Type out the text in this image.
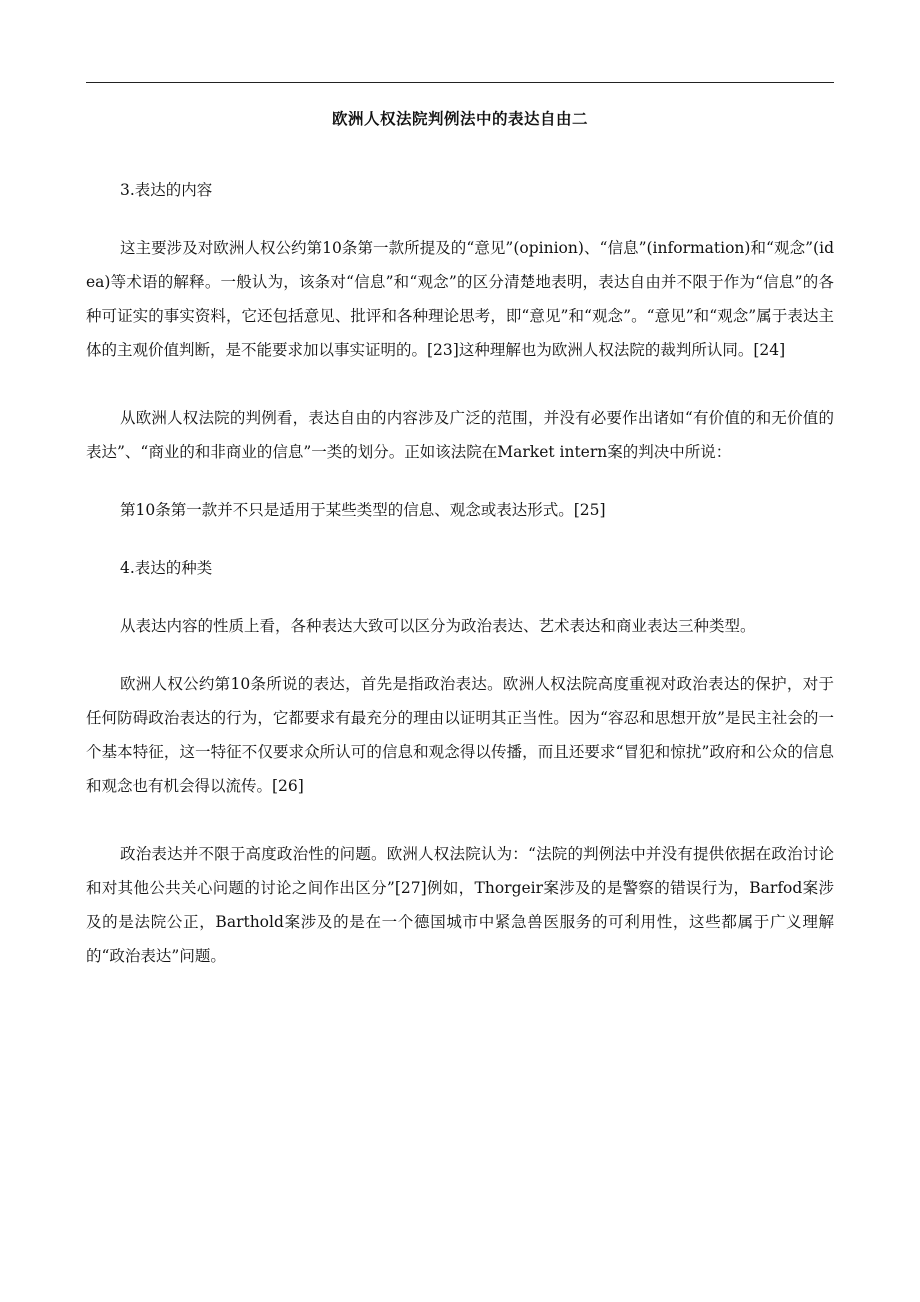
欧洲人权法院判例法中的表达自由二

3.表达的内容

这主要涉及对欧洲人权公约第10条第一款所提及的“意见”(opinion)、“信息”(information)和“观念”(idea)等术语的解释。一般认为，该条对“信息”和“观念”的区分清楚地表明，表达自由并不限于作为“信息”的各种可证实的事实资料，它还包括意见、批评和各种理论思考，即“意见”和“观念”。“意见”和“观念”属于表达主体的主观价值判断，是不能要求加以事实证明的。[23]这种理解也为欧洲人权法院的裁判所认同。[24]

从欧洲人权法院的判例看，表达自由的内容涉及广泛的范围，并没有必要作出诸如“有价值的和无价值的表达”、“商业的和非商业的信息”一类的划分。正如该法院在Market intern案的判决中所说：

第10条第一款并不只是适用于某些类型的信息、观念或表达形式。[25]

4.表达的种类

从表达内容的性质上看，各种表达大致可以区分为政治表达、艺术表达和商业表达三种类型。

欧洲人权公约第10条所说的表达，首先是指政治表达。欧洲人权法院高度重视对政治表达的保护，对于任何防碍政治表达的行为，它都要求有最充分的理由以证明其正当性。因为“容忍和思想开放”是民主社会的一个基本特征，这一特征不仅要求众所认可的信息和观念得以传播，而且还要求“冒犯和惊扰”政府和公众的信息和观念也有机会得以流传。[26]

政治表达并不限于高度政治性的问题。欧洲人权法院认为：“法院的判例法中并没有提供依据在政治讨论和对其他公共关心问题的讨论之间作出区分”[27]例如，Thorgeir案涉及的是警察的错误行为，Barfod案涉及的是法院公正，Barthold案涉及的是在一个德国城市中紧急兽医服务的可利用性，这些都属于广义理解的“政治表达”问题。
